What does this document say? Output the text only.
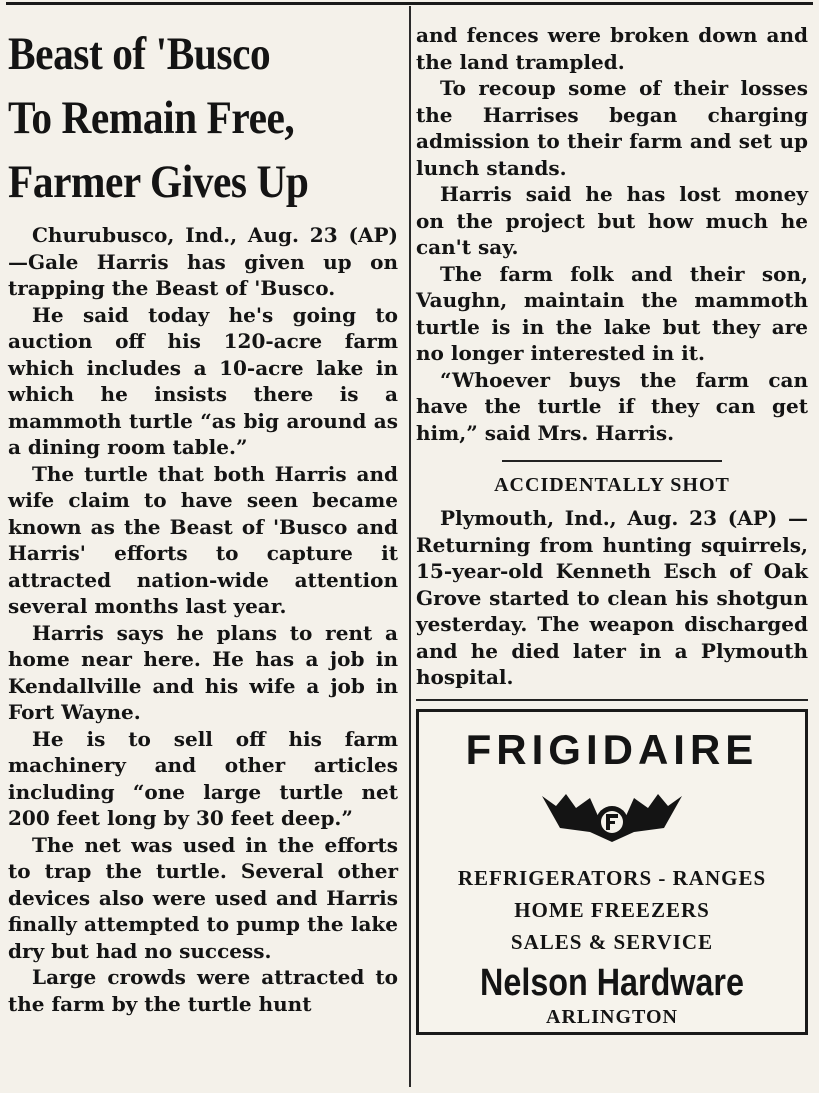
Beast of 'Busco
To Remain Free,
Farmer Gives Up

Churubusco, Ind., Aug. 23 (AP) —Gale Harris has given up on trapping the Beast of 'Busco.

He said today he's going to auction off his 120-acre farm which includes a 10-acre lake in which he insists there is a mammoth turtle “as big around as a dining room table.”

The turtle that both Harris and wife claim to have seen became known as the Beast of 'Busco and Harris' efforts to capture it attracted nation-wide attention several months last year.

Harris says he plans to rent a home near here. He has a job in Kendallville and his wife a job in Fort Wayne.

He is to sell off his farm machinery and other articles including “one large turtle net 200 feet long by 30 feet deep.”

The net was used in the efforts to trap the turtle. Several other devices also were used and Harris finally attempted to pump the lake dry but had no success.

Large crowds were attracted to the farm by the turtle hunt

and fences were broken down and the land trampled.

To recoup some of their losses the Harrises began charging admission to their farm and set up lunch stands.

Harris said he has lost money on the project but how much he can't say.

The farm folk and their son, Vaughn, maintain the mammoth turtle is in the lake but they are no longer interested in it.

“Whoever buys the farm can have the turtle if they can get him,” said Mrs. Harris.

ACCIDENTALLY SHOT

Plymouth, Ind., Aug. 23 (AP) — Returning from hunting squirrels, 15-year-old Kenneth Esch of Oak Grove started to clean his shotgun yesterday. The weapon discharged and he died later in a Plymouth hospital.

FRIGIDAIRE
REFRIGERATORS - RANGES
HOME FREEZERS
SALES & SERVICE
Nelson Hardware
ARLINGTON
